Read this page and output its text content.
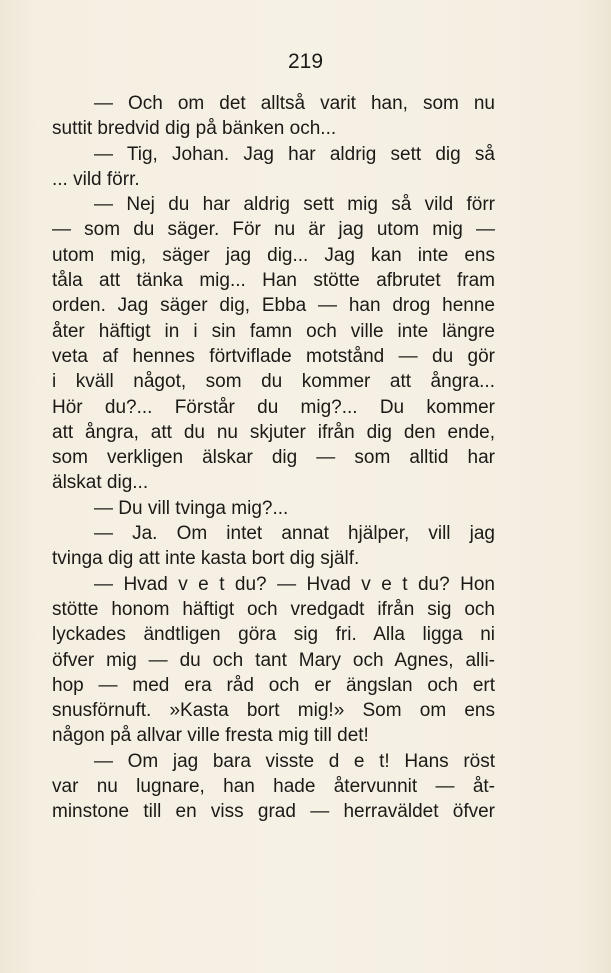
219
— Och om det alltså varit han, som nu
suttit bredvid dig på bänken och...
— Tig, Johan. Jag har aldrig sett dig så
... vild förr.
— Nej du har aldrig sett mig så vild förr
— som du säger. För nu är jag utom mig —
utom mig, säger jag dig... Jag kan inte ens
tåla att tänka mig... Han stötte afbrutet fram
orden. Jag säger dig, Ebba — han drog henne
åter häftigt in i sin famn och ville inte längre
veta af hennes förtviflade motstånd — du gör
i kväll något, som du kommer att ångra...
Hör du?... Förstår du mig?... Du kommer
att ångra, att du nu skjuter ifrån dig den ende,
som verkligen älskar dig — som alltid har
älskat dig...
— Du vill tvinga mig?...
— Ja. Om intet annat hjälper, vill jag
tvinga dig att inte kasta bort dig själf.
— Hvad v e t du? — Hvad v e t du? Hon
stötte honom häftigt och vredgadt ifrån sig och
lyckades ändtligen göra sig fri. Alla ligga ni
öfver mig — du och tant Mary och Agnes, alli-
hop — med era råd och er ängslan och ert
snusförnuft. »Kasta bort mig!» Som om ens
någon på allvar ville fresta mig till det!
— Om jag bara visste d e t! Hans röst
var nu lugnare, han hade återvunnit — åt-
minstone till en viss grad — herraväldet öfver
